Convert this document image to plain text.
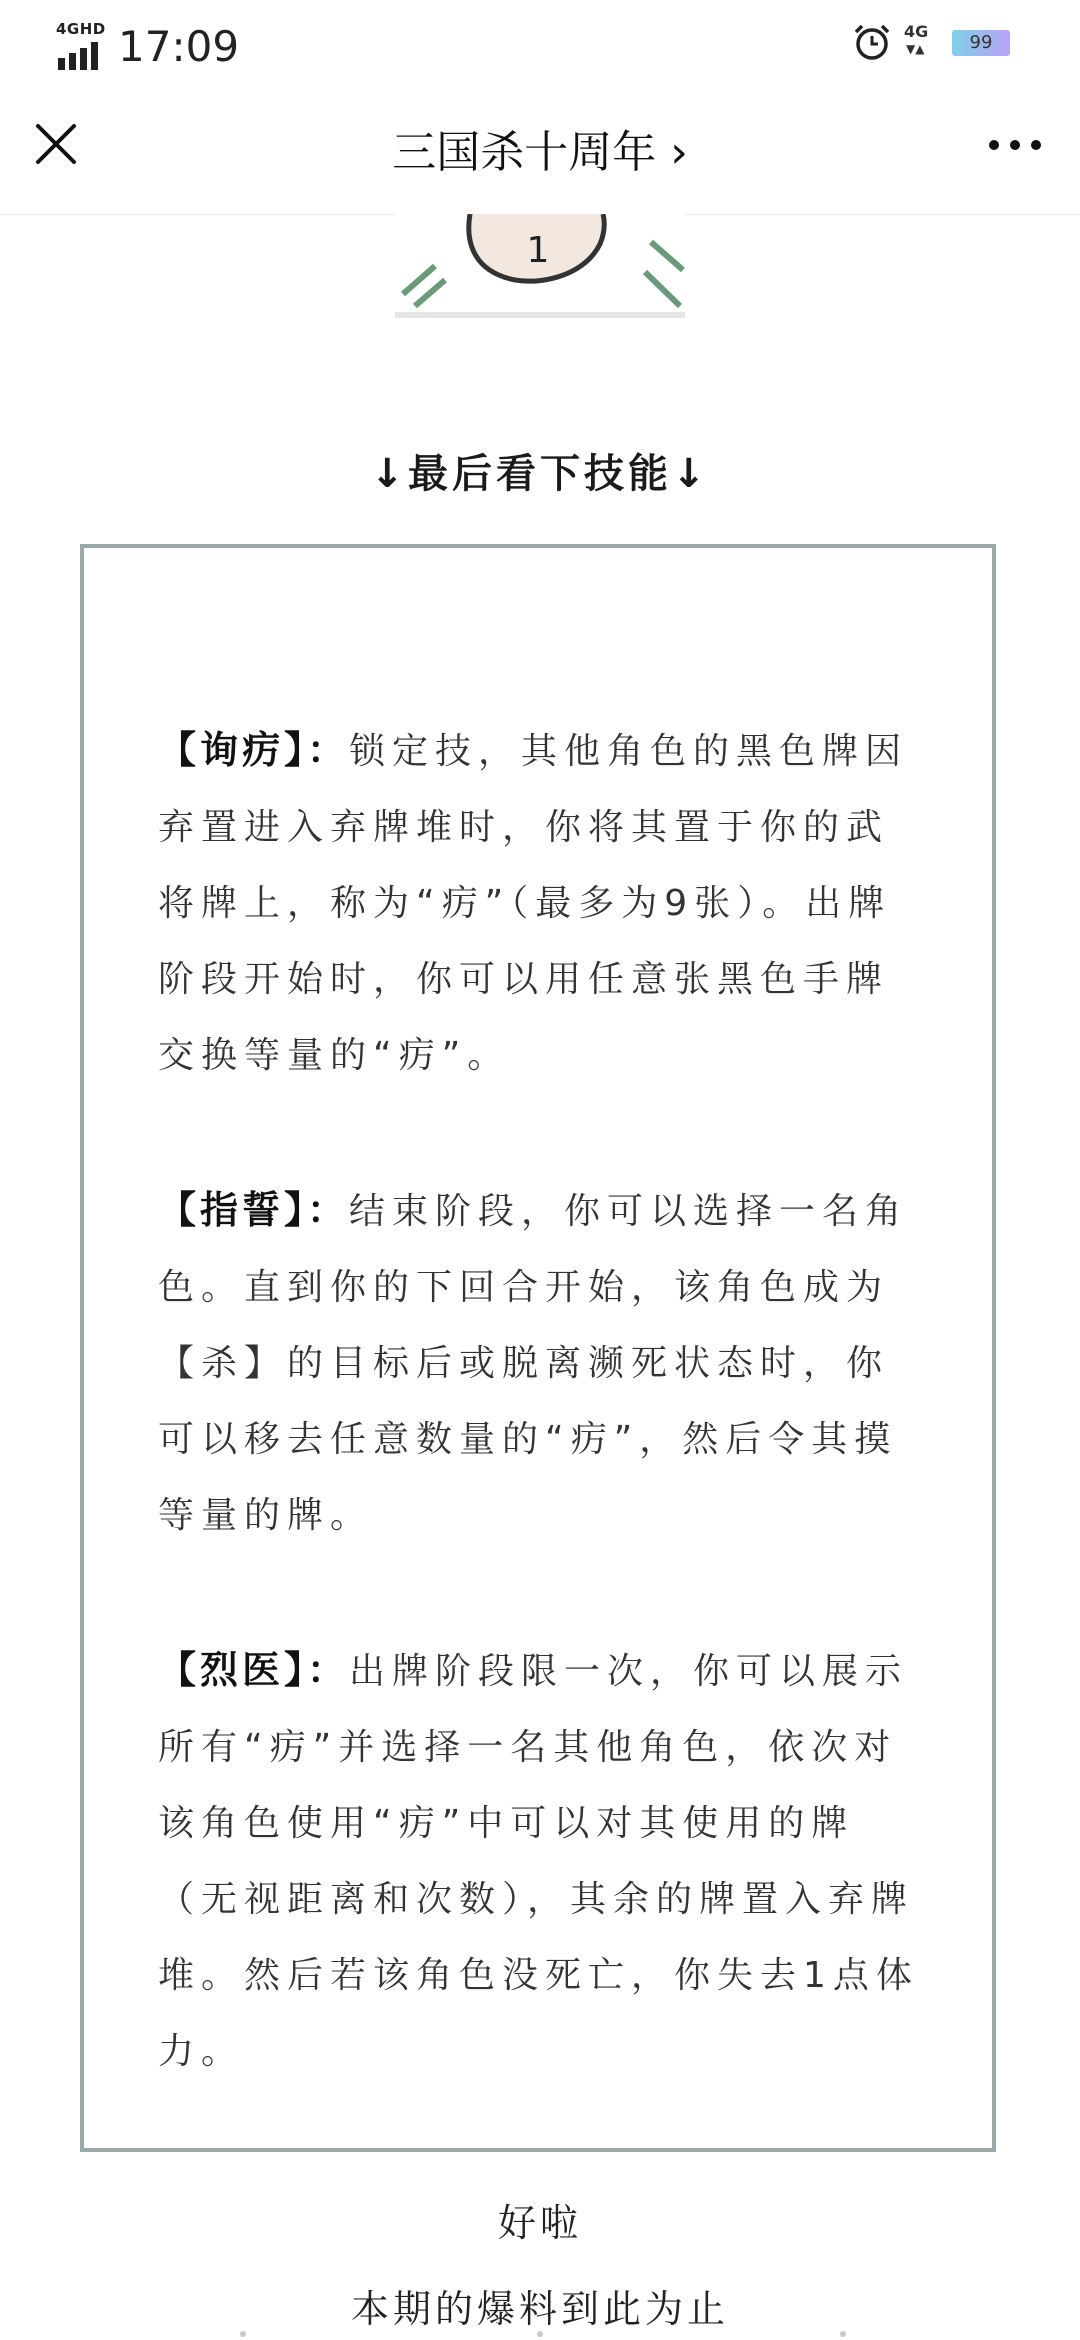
4GHD 17:09	4G
▼▲	99
三国杀十周年 ›
1
↓最后看下技能↓
【询疠】：锁定技，其他角色的黑色牌因弃置进入弃牌堆时，你将其置于你的武将牌上，称为“疠”（最多为9张）。出牌阶段开始时，你可以用任意张黑色手牌交换等量的“疠”。
【指誓】：结束阶段，你可以选择一名角色。直到你的下回合开始，该角色成为【杀】的目标后或脱离濒死状态时，你可以移去任意数量的“疠”，然后令其摸等量的牌。
【烈医】：出牌阶段限一次，你可以展示所有“疠”并选择一名其他角色，依次对该角色使用“疠”中可以对其使用的牌（无视距离和次数），其余的牌置入弃牌堆。然后若该角色没死亡，你失去1点体力。
好啦
本期的爆料到此为止
